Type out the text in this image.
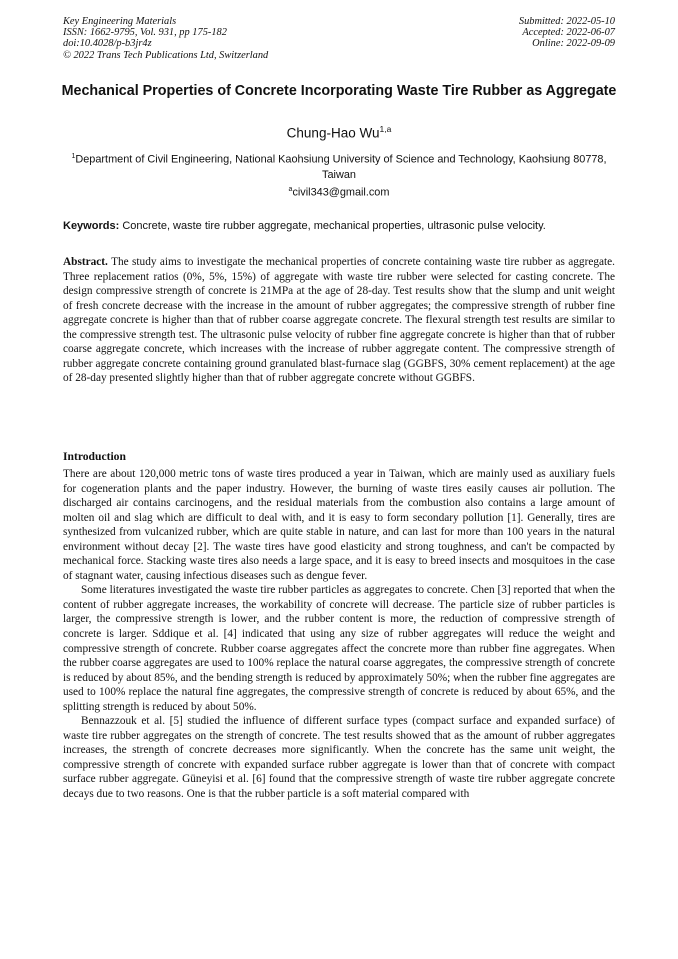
Key Engineering Materials
ISSN: 1662-9795, Vol. 931, pp 175-182
doi:10.4028/p-b3jr4z
© 2022 Trans Tech Publications Ltd, Switzerland
Submitted: 2022-05-10
Accepted: 2022-06-07
Online: 2022-09-09
Mechanical Properties of Concrete Incorporating Waste Tire Rubber as Aggregate
Chung-Hao Wu$^{1,a}$
$^1$Department of Civil Engineering, National Kaohsiung University of Science and Technology, Kaohsiung 80778, Taiwan
$^a$civil343@gmail.com
Keywords: Concrete, waste tire rubber aggregate, mechanical properties, ultrasonic pulse velocity.
Abstract. The study aims to investigate the mechanical properties of concrete containing waste tire rubber as aggregate. Three replacement ratios (0%, 5%, 15%) of aggregate with waste tire rubber were selected for casting concrete. The design compressive strength of concrete is 21MPa at the age of 28-day. Test results show that the slump and unit weight of fresh concrete decrease with the increase in the amount of rubber aggregates; the compressive strength of rubber fine aggregate concrete is higher than that of rubber coarse aggregate concrete. The flexural strength test results are similar to the compressive strength test. The ultrasonic pulse velocity of rubber fine aggregate concrete is higher than that of rubber coarse aggregate concrete, which increases with the increase of rubber aggregate content. The compressive strength of rubber aggregate concrete containing ground granulated blast-furnace slag (GGBFS, 30% cement replacement) at the age of 28-day presented slightly higher than that of rubber aggregate concrete without GGBFS.
Introduction

There are about 120,000 metric tons of waste tires produced a year in Taiwan, which are mainly used as auxiliary fuels for cogeneration plants and the paper industry. However, the burning of waste tires easily causes air pollution. The discharged air contains carcinogens, and the residual materials from the combustion also contains a large amount of molten oil and slag which are difficult to deal with, and it is easy to form secondary pollution [1]. Generally, tires are synthesized from vulcanized rubber, which are quite stable in nature, and can last for more than 100 years in the natural environment without decay [2]. The waste tires have good elasticity and strong toughness, and can't be compacted by mechanical force. Stacking waste tires also needs a large space, and it is easy to breed insects and mosquitoes in the case of stagnant water, causing infectious diseases such as dengue fever.

Some literatures investigated the waste tire rubber particles as aggregates to concrete. Chen [3] reported that when the content of rubber aggregate increases, the workability of concrete will decrease. The particle size of rubber particles is larger, the compressive strength is lower, and the rubber content is more, the reduction of compressive strength of concrete is larger. Sddique et al. [4] indicated that using any size of rubber aggregates will reduce the weight and compressive strength of concrete. Rubber coarse aggregates affect the concrete more than rubber fine aggregates. When the rubber coarse aggregates are used to 100% replace the natural coarse aggregates, the compressive strength of concrete is reduced by about 85%, and the bending strength is reduced by approximately 50%; when the rubber fine aggregates are used to 100% replace the natural fine aggregates, the compressive strength of concrete is reduced by about 65%, and the splitting strength is reduced by about 50%.

Bennazzouk et al. [5] studied the influence of different surface types (compact surface and expanded surface) of waste tire rubber aggregates on the strength of concrete. The test results showed that as the amount of rubber aggregates increases, the strength of concrete decreases more significantly. When the concrete has the same unit weight, the compressive strength of concrete with expanded surface rubber aggregate is lower than that of concrete with compact surface rubber aggregate. Güneyisi et al. [6] found that the compressive strength of waste tire rubber aggregate concrete decays due to two reasons. One is that the rubber particle is a soft material compared with
